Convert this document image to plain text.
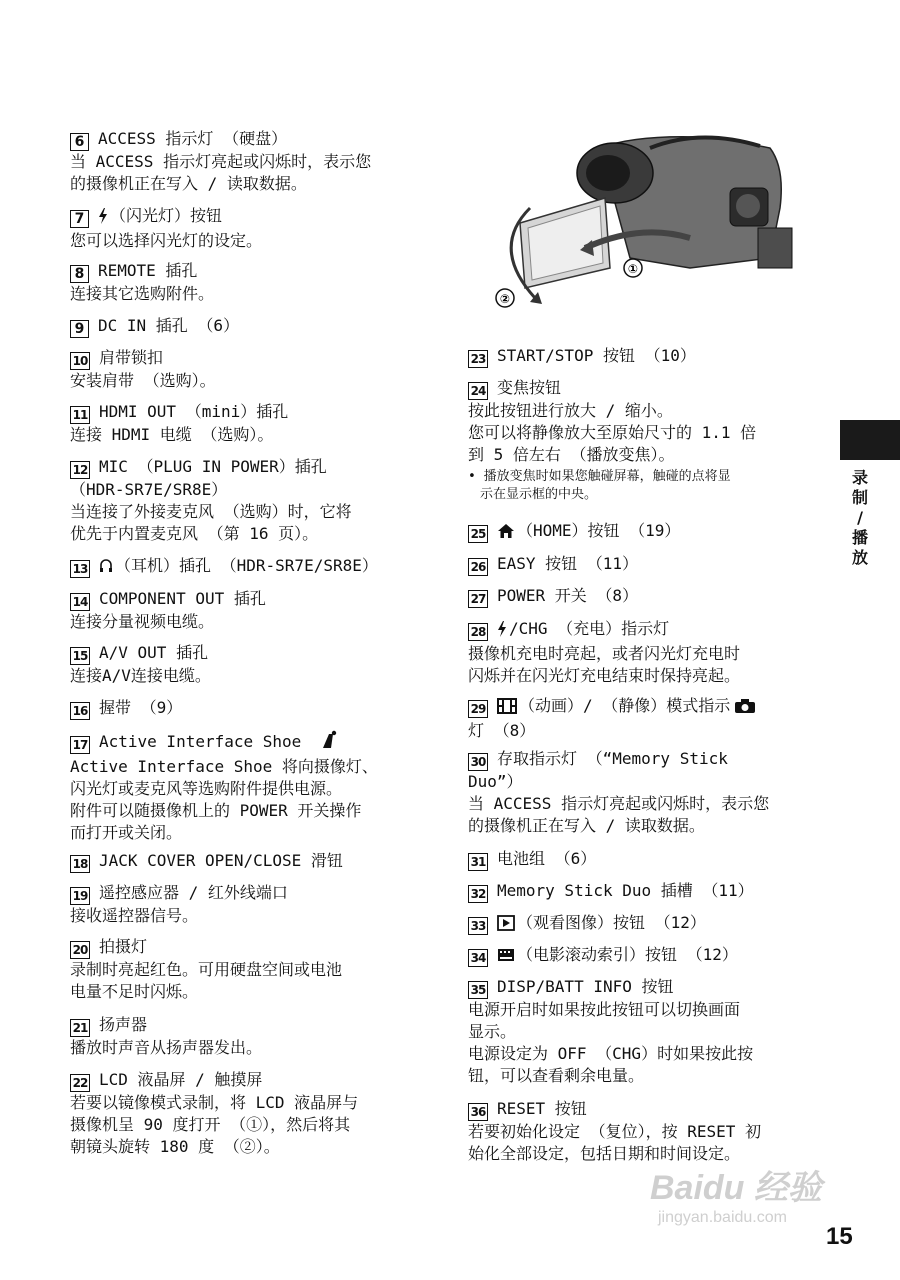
6 ACCESS 指示灯 （硬盘）
当 ACCESS 指示灯亮起或闪烁时，表示您
的摄像机正在写入 / 读取数据。
7 （闪光灯）按钮
您可以选择闪光灯的设定。
8 REMOTE 插孔
连接其它选购附件。
9 DC IN 插孔 （6）
10 肩带锁扣
安装肩带 （选购）。
11 HDMI OUT （mini）插孔
连接 HDMI 电缆 （选购）。
12 MIC （PLUG IN POWER）插孔
（HDR-SR7E/SR8E）
当连接了外接麦克风 （选购）时，它将
优先于内置麦克风 （第 16 页）。
13 （耳机）插孔 （HDR-SR7E/SR8E）
14 COMPONENT OUT 插孔
连接分量视频电缆。
15 A/V OUT 插孔
连接A/V连接电缆。
16 握带 （9）
17 Active Interface Shoe
Active Interface Shoe 将向摄像灯、
闪光灯或麦克风等选购附件提供电源。
附件可以随摄像机上的 POWER 开关操作
而打开或关闭。
18 JACK COVER OPEN/CLOSE 滑钮
19 遥控感应器 / 红外线端口
接收遥控器信号。
20 拍摄灯
录制时亮起红色。可用硬盘空间或电池
电量不足时闪烁。
21 扬声器
播放时声音从扬声器发出。
22 LCD 液晶屏 / 触摸屏
若要以镜像模式录制，将 LCD 液晶屏与
摄像机呈 90 度打开 （①），然后将其
朝镜头旋转 180 度 （②）。
①
②
23 START/STOP 按钮 （10）
24 变焦按钮
按此按钮进行放大 / 缩小。
您可以将静像放大至原始尺寸的 1.1 倍
到 5 倍左右 （播放变焦）。
• 播放变焦时如果您触碰屏幕，触碰的点将显
示在显示框的中央。
25 （HOME）按钮 （19）
26 EASY 按钮 （11）
27 POWER 开关 （8）
28 /CHG （充电）指示灯
摄像机充电时亮起，或者闪光灯充电时
闪烁并在闪光灯充电结束时保持亮起。
29 （动画）/ （静像）模式指示
灯 （8）
30 存取指示灯 （“Memory Stick
Duo”）
当 ACCESS 指示灯亮起或闪烁时，表示您
的摄像机正在写入 / 读取数据。
31 电池组 （6）
32 Memory Stick Duo 插槽 （11）
33 （观看图像）按钮 （12）
34 （电影滚动索引）按钮 （12）
35 DISP/BATT INFO 按钮
电源开启时如果按此按钮可以切换画面
显示。
电源设定为 OFF （CHG）时如果按此按
钮，可以查看剩余电量。
36 RESET 按钮
若要初始化设定 （复位），按 RESET 初
始化全部设定，包括日期和时间设定。
录
制
/
播
放
Baidu 经验
jingyan.baidu.com
15
